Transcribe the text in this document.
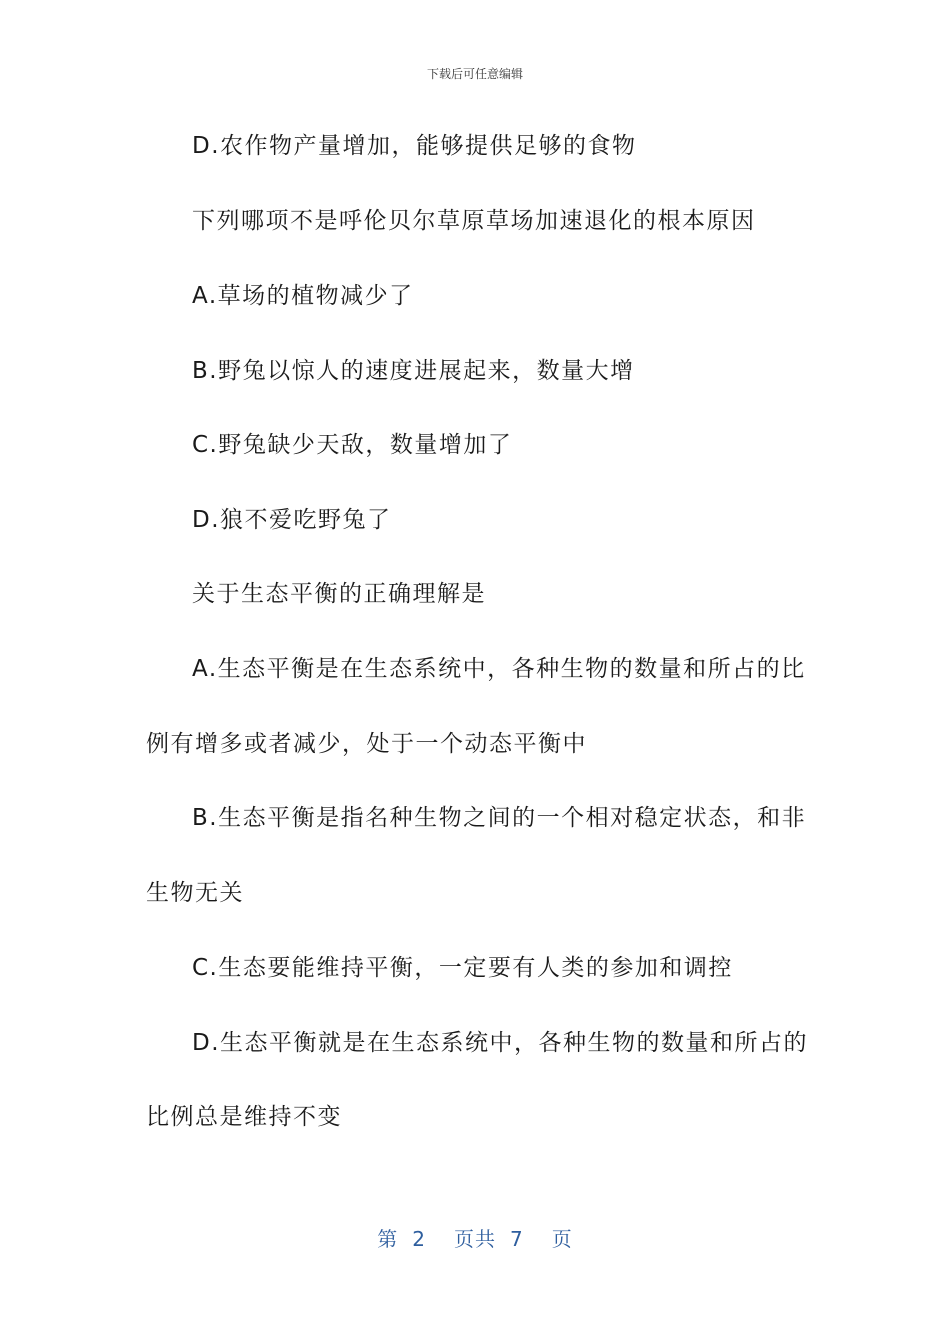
下载后可任意编辑
D.农作物产量增加，能够提供足够的食物
下列哪项不是呼伦贝尔草原草场加速退化的根本原因
A.草场的植物减少了
B.野兔以惊人的速度进展起来，数量大增
C.野兔缺少天敌，数量增加了
D.狼不爱吃野兔了
关于生态平衡的正确理解是
A.生态平衡是在生态系统中，各种生物的数量和所占的比
例有增多或者减少，处于一个动态平衡中
B.生态平衡是指名种生物之间的一个相对稳定状态，和非
生物无关
C.生态要能维持平衡，一定要有人类的参加和调控
D.生态平衡就是在生态系统中，各种生物的数量和所占的
比例总是维持不变
第 2 页共 7 页
